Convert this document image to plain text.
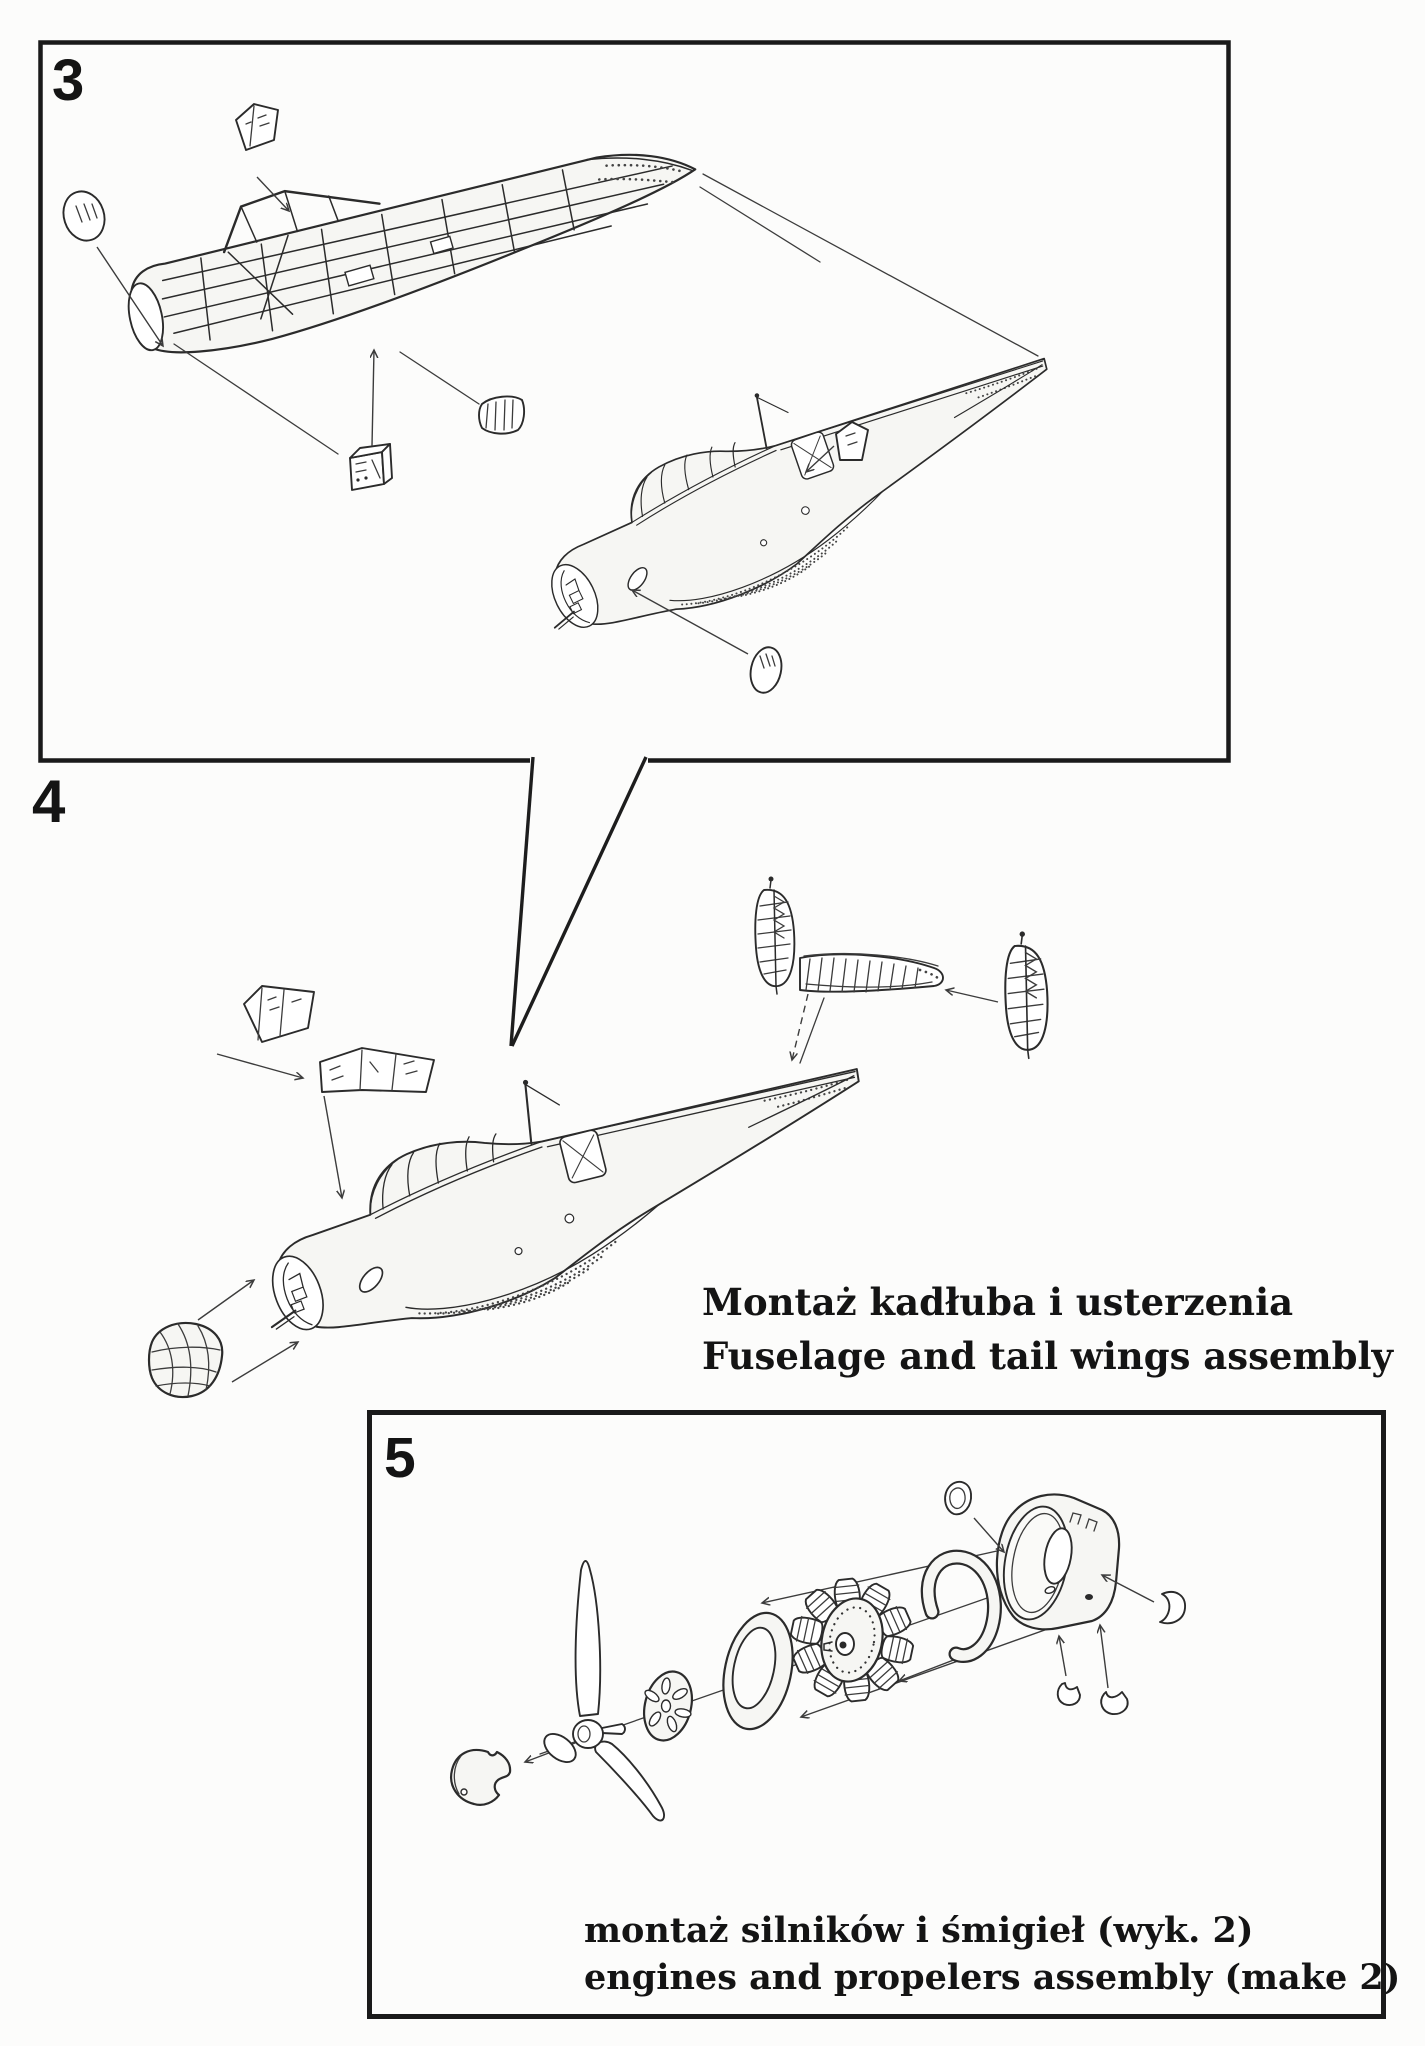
3
4
5
Montaż kadłuba i usterzenia
Fuselage and tail wings assembly
montaż silników i śmigieł (wyk. 2)
engines and propelers assembly (make 2)
